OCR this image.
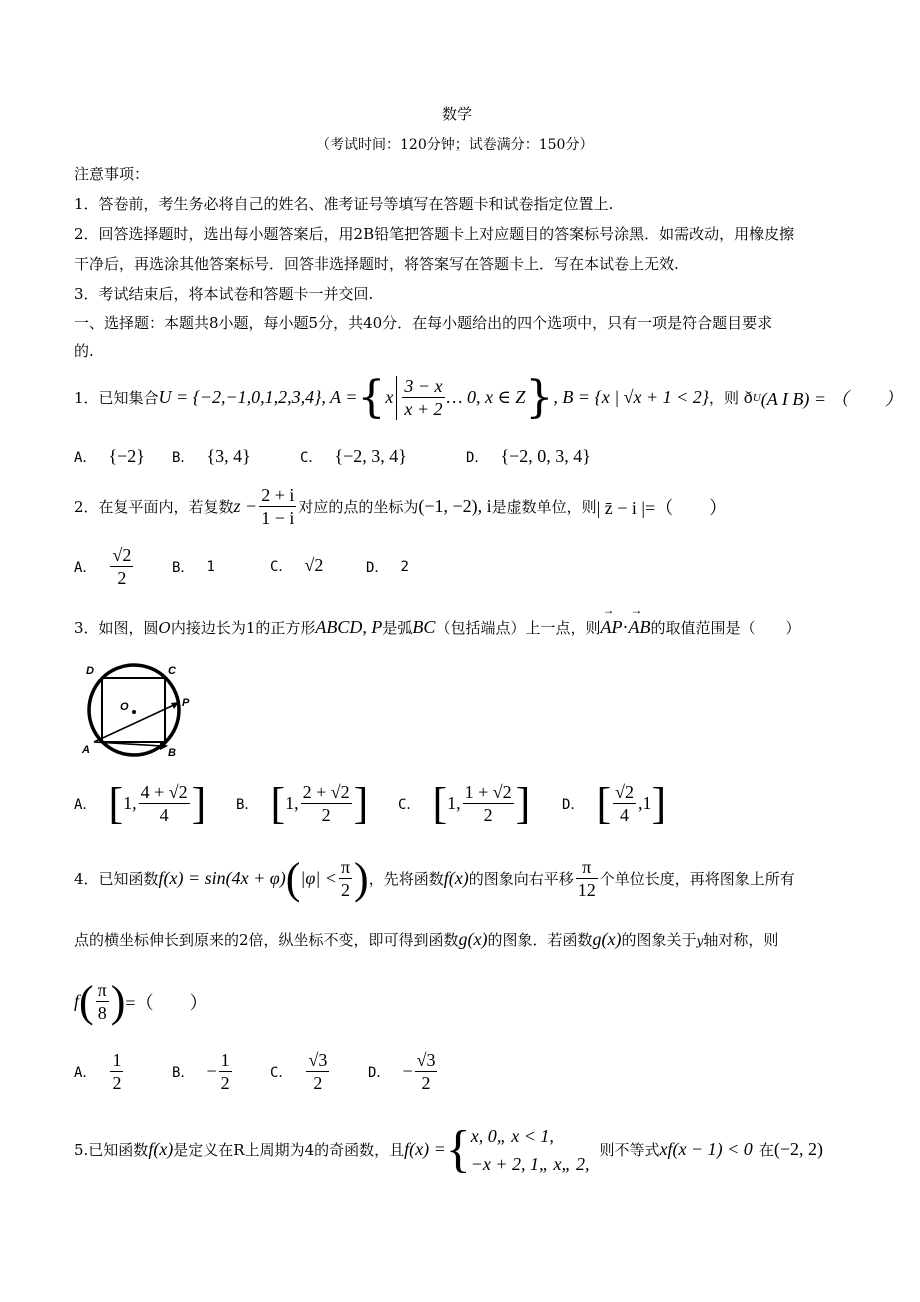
数学
（考试时间：120分钟；试卷满分：150分）
注意事项：
1．答卷前，考生务必将自己的姓名、准考证号等填写在答题卡和试卷指定位置上.
2．回答选择题时，选出每小题答案后，用2B铅笔把答题卡上对应题目的答案标号涂黑．如需改动，用橡皮擦
干净后，再选涂其他答案标号．回答非选择题时，将答案写在答题卡上．写在本试卷上无效.
3．考试结束后，将本试卷和答题卡一并交回.
一、选择题：本题共8小题，每小题5分，共40分．在每小题给出的四个选项中，只有一项是符合题目要求
的.
1．已知集合 U = {−2,−1,0,1,2,3,4}, A = { x $\frac{3 - x}{x + 2}$ … 0, x ∈ Z } , B = {x | √x + 1 < 2} ，则 ð U (A I B) = （　　）
A． {−2} B． {3, 4}	C． {−2, 3, 4}	D． {−2, 0, 3, 4}
2．在复平面内，若复数 $z - \frac{2 + i}{1 - i}$ 对应的点的坐标为 (−1, −2), i 是虚数单位，则 | z̄ − i |=（　　）
A． $\frac{√2}{2}$	B． 1	C． √2	D． 2
3．如图，圆 O 内接边长为1的正方形 ABCD, P 是弧 BC （包括端点）上一点，则 → AP · → AB 的取值范围是（　　）
D	C
O	P
A	B
A． [ 1, $\frac{4 + √2}{4}$ ] B． [ 1, $\frac{2 + √2}{2}$ ] C． [ 1, $\frac{1 + √2}{2}$ ] D． [ $\frac{√2}{4} ,1$ ]
4．已知函数 f(x) = sin(4x + φ) ( $|\varphi| < \frac{\pi}{2}$ ) ，先将函数 f(x) 的图象向右平移 $\frac{\pi}{12}$ 个单位长度，再将图象上所有
点的横坐标伸长到原来的2倍，纵坐标不变，即可得到函数 g(x) 的图象．若函数 g(x) 的图象关于 y 轴对称，则
f ( $\frac{\pi}{8}$ ) =（　　）
A． $\frac{1}{2}$	B． − $\frac{1}{2}$	C． $\frac{√3}{2}$	D． − $\frac{√3}{2}$
5.已知函数 f(x) 是定义在R上周期为4的奇函数，且 f(x) = { x, 0„ x < 1,
−x + 2, 1„ x„ 2,
则不等式 xf(x − 1) < 0 在 (−2, 2)
